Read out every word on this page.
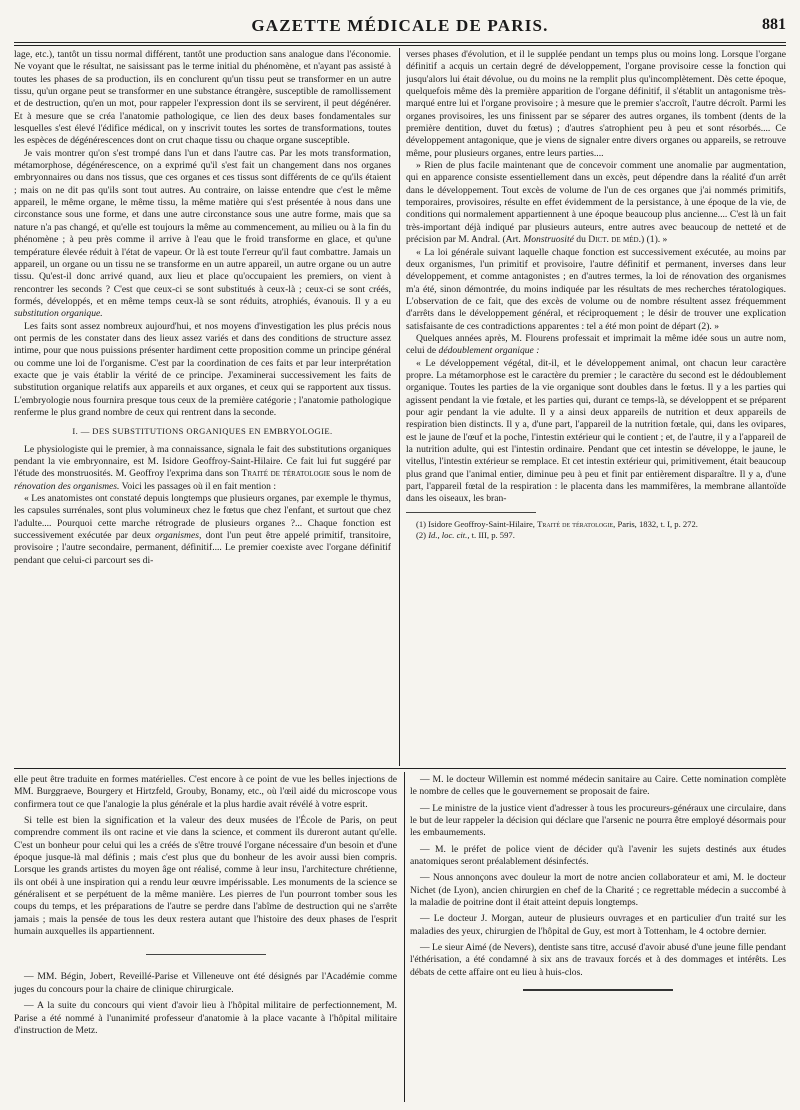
GAZETTE MÉDICALE DE PARIS.	881

lage, etc.), tantôt un tissu normal différent, tantôt une production sans analogue dans l'économie. Ne voyant que le résultat, ne saisissant pas le terme initial du phénomène, et n'ayant pas assisté à toutes les phases de sa production, ils en conclurent qu'un tissu peut se transformer en un autre tissu, qu'un organe peut se transformer en une substance étrangère, susceptible de ramollissement et de destruction, qu'en un mot, pour rappeler l'expression dont ils se servirent, il peut dégénérer. Et à mesure que se créa l'anatomie pathologique, ce lien des deux bases fondamentales sur lesquelles s'est élevé l'édifice médical, on y inscrivit toutes les sortes de transformations, toutes les espèces de dégénérescences dont on crut chaque tissu ou chaque organe susceptible.

Je vais montrer qu'on s'est trompé dans l'un et dans l'autre cas. Par les mots transformation, métamorphose, dégénérescence, on a exprimé qu'il s'est fait un changement dans nos organes embryonnaires ou dans nos tissus, que ces organes et ces tissus sont différents de ce qu'ils étaient ; mais on ne dit pas qu'ils sont tout autres. Au contraire, on laisse entendre que c'est le même appareil, le même organe, le même tissu, la même matière qui s'est présentée à nous dans une circonstance sous une forme, et dans une autre circonstance sous une autre forme, mais que sa nature n'a pas changé, et qu'elle est toujours la même au commencement, au milieu ou à la fin du phénomène ; à peu près comme il arrive à l'eau que le froid transforme en glace, et qu'une température élevée réduit à l'état de vapeur. Or là est toute l'erreur qu'il faut combattre. Jamais un appareil, un organe ou un tissu ne se transforme en un autre appareil, un autre organe ou un autre tissu. Qu'est-il donc arrivé quand, aux lieu et place qu'occupaient les premiers, on vient à rencontrer les seconds ? C'est que ceux-ci se sont substitués à ceux-là ; ceux-ci se sont créés, formés, développés, et en même temps ceux-là se sont réduits, atrophiés, évanouis. Il y a eu substitution organique.

Les faits sont assez nombreux aujourd'hui, et nos moyens d'investigation les plus précis nous ont permis de les constater dans des lieux assez variés et dans des conditions de structure assez intime, pour que nous puissions présenter hardiment cette proposition comme un principe général ou comme une loi de l'organisme. C'est par la coordination de ces faits et par leur interprétation exacte que je vais établir la vérité de ce principe. J'examinerai successivement les faits de substitution organique relatifs aux appareils et aux organes, et ceux qui se rapportent aux tissus. L'embryologie nous fournira presque tous ceux de la première catégorie ; l'anatomie pathologique renferme le plus grand nombre de ceux qui rentrent dans la seconde.

I. — DES SUBSTITUTIONS ORGANIQUES EN EMBRYOLOGIE.

Le physiologiste qui le premier, à ma connaissance, signala le fait des substitutions organiques pendant la vie embryonnaire, est M. Isidore Geoffroy-Saint-Hilaire. Ce fait lui fut suggéré par l'étude des monstruosités. M. Geoffroy l'exprima dans son Traité de tératologie sous le nom de rénovation des organismes. Voici les passages où il en fait mention :

« Les anatomistes ont constaté depuis longtemps que plusieurs organes, par exemple le thymus, les capsules surrénales, sont plus volumineux chez le fœtus que chez l'enfant, et surtout que chez l'adulte.... Pourquoi cette marche rétrograde de plusieurs organes ?... Chaque fonction est successivement exécutée par deux organismes, dont l'un peut être appelé primitif, transitoire, provisoire ; l'autre secondaire, permanent, définitif.... Le premier coexiste avec l'organe définitif pendant que celui-ci parcourt ses di-

verses phases d'évolution, et il le supplée pendant un temps plus ou moins long. Lorsque l'organe définitif a acquis un certain degré de développement, l'organe provisoire cesse la fonction qui jusqu'alors lui était dévolue, ou du moins ne la remplit plus qu'incomplètement. Dès cette époque, quelquefois même dès la première apparition de l'organe définitif, il s'établit un antagonisme très-marqué entre lui et l'organe provisoire ; à mesure que le premier s'accroît, l'autre décroît. Parmi les organes provisoires, les uns finissent par se séparer des autres organes, ils tombent (dents de la première dentition, duvet du fœtus) ; d'autres s'atrophient peu à peu et sont résorbés.... Ce développement antagonique, que je viens de signaler entre divers organes ou appareils, se retrouve même, pour plusieurs organes, entre leurs parties....

» Rien de plus facile maintenant que de concevoir comment une anomalie par augmentation, qui en apparence consiste essentiellement dans un excès, peut dépendre dans la réalité d'un arrêt dans le développement. Tout excès de volume de l'un de ces organes que j'ai nommés primitifs, temporaires, provisoires, résulte en effet évidemment de la persistance, à une époque de la vie, de conditions qui normalement appartiennent à une époque beaucoup plus ancienne.... C'est là un fait très-important déjà indiqué par plusieurs auteurs, entre autres avec beaucoup de netteté et de précision par M. Andral. (Art. Monstruosité du Dict. de méd.) (1). »

« La loi générale suivant laquelle chaque fonction est successivement exécutée, au moins par deux organismes, l'un primitif et provisoire, l'autre définitif et permanent, inverses dans leur développement, et comme antagonistes ; en d'autres termes, la loi de rénovation des organismes m'a été, sinon démontrée, du moins indiquée par les résultats de mes recherches tératologiques. L'observation de ce fait, que des excès de volume ou de nombre résultent assez fréquemment d'arrêts dans le développement général, et réciproquement ; le désir de trouver une explication satisfaisante de ces contradictions apparentes : tel a été mon point de départ (2). »

Quelques années après, M. Flourens professait et imprimait la même idée sous un autre nom, celui de dédoublement organique :

« Le développement végétal, dit-il, et le développement animal, ont chacun leur caractère propre. La métamorphose est le caractère du premier ; le caractère du second est le dédoublement organique. Toutes les parties de la vie organique sont doubles dans le fœtus. Il y a les parties qui agissent pendant la vie fœtale, et les parties qui, durant ce temps-là, se développent et se préparent pour agir pendant la vie adulte. Il y a ainsi deux appareils de nutrition et deux appareils de respiration bien distincts. Il y a, d'une part, l'appareil de la nutrition fœtale, qui, dans les ovipares, est le jaune de l'œuf et la poche, l'intestin extérieur qui le contient ; et, de l'autre, il y a l'appareil de la nutrition adulte, qui est l'intestin ordinaire. Pendant que cet intestin se développe, le jaune, le vitellus, l'intestin extérieur se remplace. Et cet intestin extérieur qui, primitivement, était beaucoup plus grand que l'animal entier, diminue peu à peu et finit par entièrement disparaître. Il y a, d'une part, l'appareil fœtal de la respiration : le placenta dans les mammifères, la membrane allantoïde dans les oiseaux, les bran-

(1) Isidore Geoffroy-Saint-Hilaire, Traité de tératologie, Paris, 1832, t. I, p. 272.

(2) Id., loc. cit., t. III, p. 597.

elle peut être traduite en formes matérielles. C'est encore à ce point de vue les belles injections de MM. Burggraeve, Bourgery et Hirtzfeld, Grouby, Bonamy, etc., où l'œil aidé du microscope vous confirmera tout ce que l'analogie la plus générale et la plus hardie avait révélé à votre esprit.

Si telle est bien la signification et la valeur des deux musées de l'École de Paris, on peut comprendre comment ils ont racine et vie dans la science, et comment ils dureront autant qu'elle. C'est un bonheur pour celui qui les a créés de s'être trouvé l'organe nécessaire d'un besoin et d'une époque jusque-là mal définis ; mais c'est plus que du bonheur de les avoir aussi bien compris. Lorsque les grands artistes du moyen âge ont réalisé, comme à leur insu, l'architecture chrétienne, ils ont obéi à une inspiration qui a rendu leur œuvre impérissable. Les monuments de la science se généralisent et se perpétuent de la même manière. Les pierres de l'un pourront tomber sous les coups du temps, et les préparations de l'autre se perdre dans l'abîme de destruction qui ne s'arrête jamais ; mais la pensée de tous les deux restera autant que l'histoire des deux phases de l'esprit humain auxquelles ils appartiennent.

— MM. Bégin, Jobert, Reveillé-Parise et Villeneuve ont été désignés par l'Académie comme juges du concours pour la chaire de clinique chirurgicale.

— A la suite du concours qui vient d'avoir lieu à l'hôpital militaire de perfectionnement, M. Parise a été nommé à l'unanimité professeur d'anatomie à la place vacante à l'hôpital militaire d'instruction de Metz.

— M. le docteur Willemin est nommé médecin sanitaire au Caire. Cette nomination complète le nombre de celles que le gouvernement se proposait de faire.

— Le ministre de la justice vient d'adresser à tous les procureurs-généraux une circulaire, dans le but de leur rappeler la décision qui déclare que l'arsenic ne pourra être employé désormais pour les embaumements.

— M. le préfet de police vient de décider qu'à l'avenir les sujets destinés aux études anatomiques seront préalablement désinfectés.

— Nous annonçons avec douleur la mort de notre ancien collaborateur et ami, M. le docteur Nichet (de Lyon), ancien chirurgien en chef de la Charité ; ce regrettable médecin a succombé à la maladie de poitrine dont il était atteint depuis longtemps.

— Le docteur J. Morgan, auteur de plusieurs ouvrages et en particulier d'un traité sur les maladies des yeux, chirurgien de l'hôpital de Guy, est mort à Tottenham, le 4 octobre dernier.

— Le sieur Aimé (de Nevers), dentiste sans titre, accusé d'avoir abusé d'une jeune fille pendant l'éthérisation, a été condamné à six ans de travaux forcés et à des dommages et intérêts. Les débats de cette affaire ont eu lieu à huis-clos.
